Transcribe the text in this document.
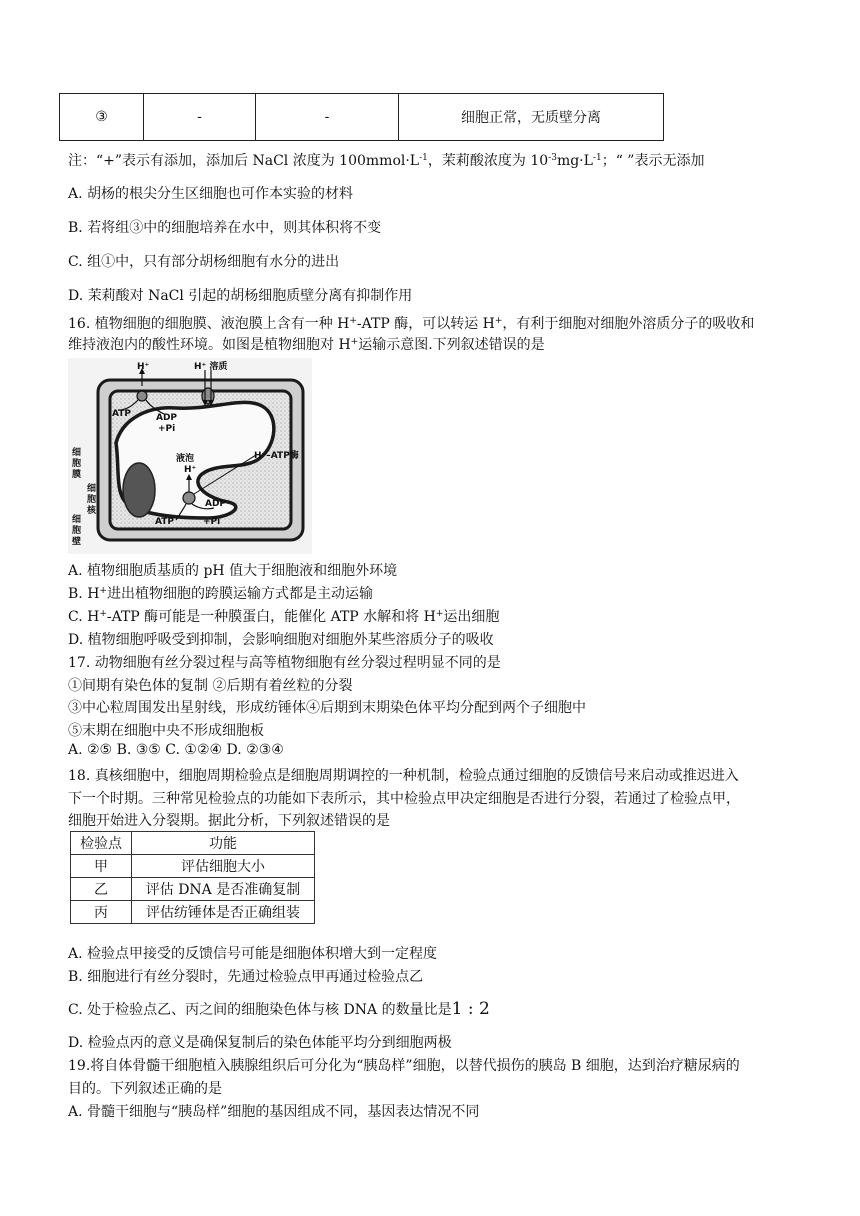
③	-	-	细胞正常，无质壁分离
注：“+”表示有添加，添加后 NaCl 浓度为 $100mmol\cdot L^{-1}$，茉莉酸浓度为 $10^{-3}mg\cdot L^{-1}$；“ ”表示无添加
A. 胡杨的根尖分生区细胞也可作本实验的材料
B. 若将组③中的细胞培养在水中，则其体积将不变
C. 组①中，只有部分胡杨细胞有水分的进出
D. 茉莉酸对 NaCl 引起的胡杨细胞质壁分离有抑制作用
16. 植物细胞的细胞膜、液泡膜上含有一种 H+-ATP 酶，可以转运 H+，有利于细胞对细胞外溶质分子的吸收和
维持液泡内的酸性环境。如图是植物细胞对 H+运输示意图.下列叙述错误的是
H⁺	H⁺ 溶质
ATP	ADP
+Pi
液泡
H⁺
H⁺–ATP酶
ADP
ATP	+Pi
细
胞
膜
细
胞
核
细
胞
壁
A. 植物细胞质基质的 pH 值大于细胞液和细胞外环境
B. H+进出植物细胞的跨膜运输方式都是主动运输
C. H+-ATP 酶可能是一种膜蛋白，能催化 ATP 水解和将 H+运出细胞
D. 植物细胞呼吸受到抑制，会影响细胞对细胞外某些溶质分子的吸收
17. 动物细胞有丝分裂过程与高等植物细胞有丝分裂过程明显不同的是
①间期有染色体的复制 ②后期有着丝粒的分裂
③中心粒周围发出星射线，形成纺锤体④后期到末期染色体平均分配到两个子细胞中
⑤末期在细胞中央不形成细胞板
A. ②⑤ B. ③⑤ C. ①②④ D. ②③④
18. 真核细胞中，细胞周期检验点是细胞周期调控的一种机制，检验点通过细胞的反馈信号来启动或推迟进入
下一个时期。三种常见检验点的功能如下表所示，其中检验点甲决定细胞是否进行分裂，若通过了检验点甲，
细胞开始进入分裂期。据此分析，下列叙述错误的是
检验点	功能
甲	评估细胞大小
乙	评估 DNA 是否准确复制
丙	评估纺锤体是否正确组装
A. 检验点甲接受的反馈信号可能是细胞体积增大到一定程度
B. 细胞进行有丝分裂时，先通过检验点甲再通过检验点乙
C. 处于检验点乙、丙之间的细胞染色体与核 DNA 的数量比是1 : 2
D. 检验点丙的意义是确保复制后的染色体能平均分到细胞两极
19.将自体骨髓干细胞植入胰腺组织后可分化为“胰岛样”细胞，以替代损伤的胰岛 B 细胞，达到治疗糖尿病的
目的。下列叙述正确的是
A. 骨髓干细胞与“胰岛样”细胞的基因组成不同，基因表达情况不同
